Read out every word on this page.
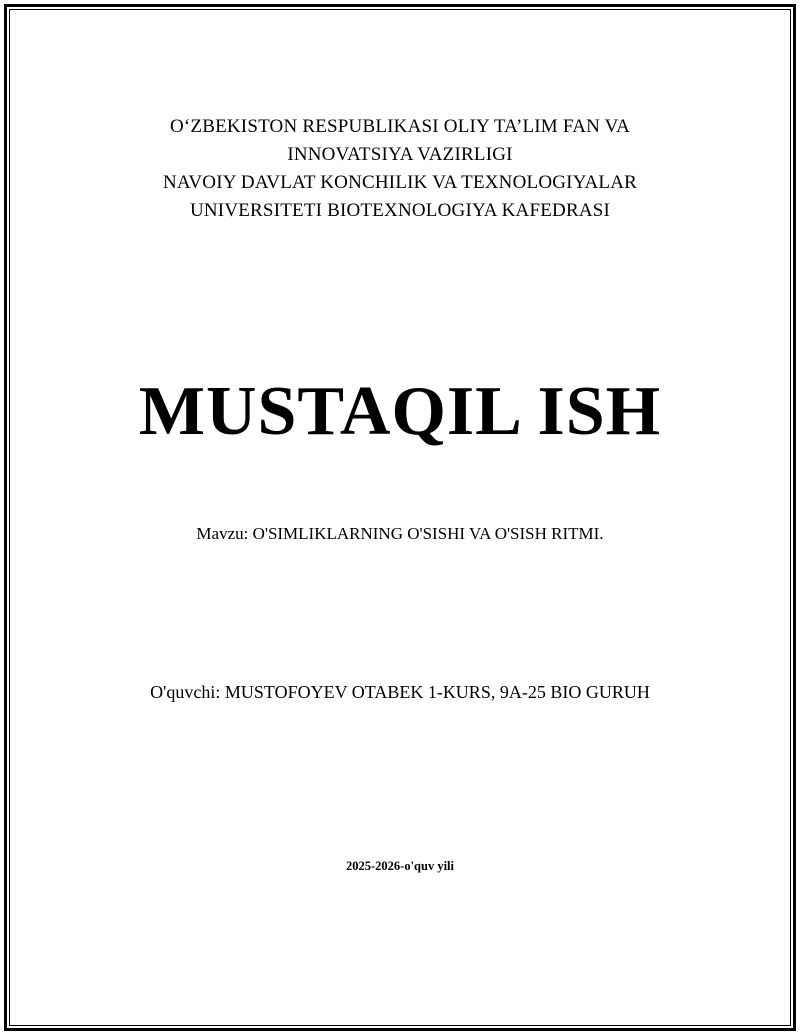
O‘ZBEKISTON RESPUBLIKASI OLIY TA’LIM FAN VA
INNOVATSIYA VAZIRLIGI
NAVOIY DAVLAT KONCHILIK VA TEXNOLOGIYALAR
UNIVERSITETI BIOTEXNOLOGIYA KAFEDRASI
MUSTAQIL ISH
Mavzu: O'SIMLIKLARNING O'SISHI VA O'SISH RITMI.
O'quvchi: MUSTOFOYEV OTABEK 1-KURS, 9A-25 BIO GURUH
2025-2026-o'quv yili
